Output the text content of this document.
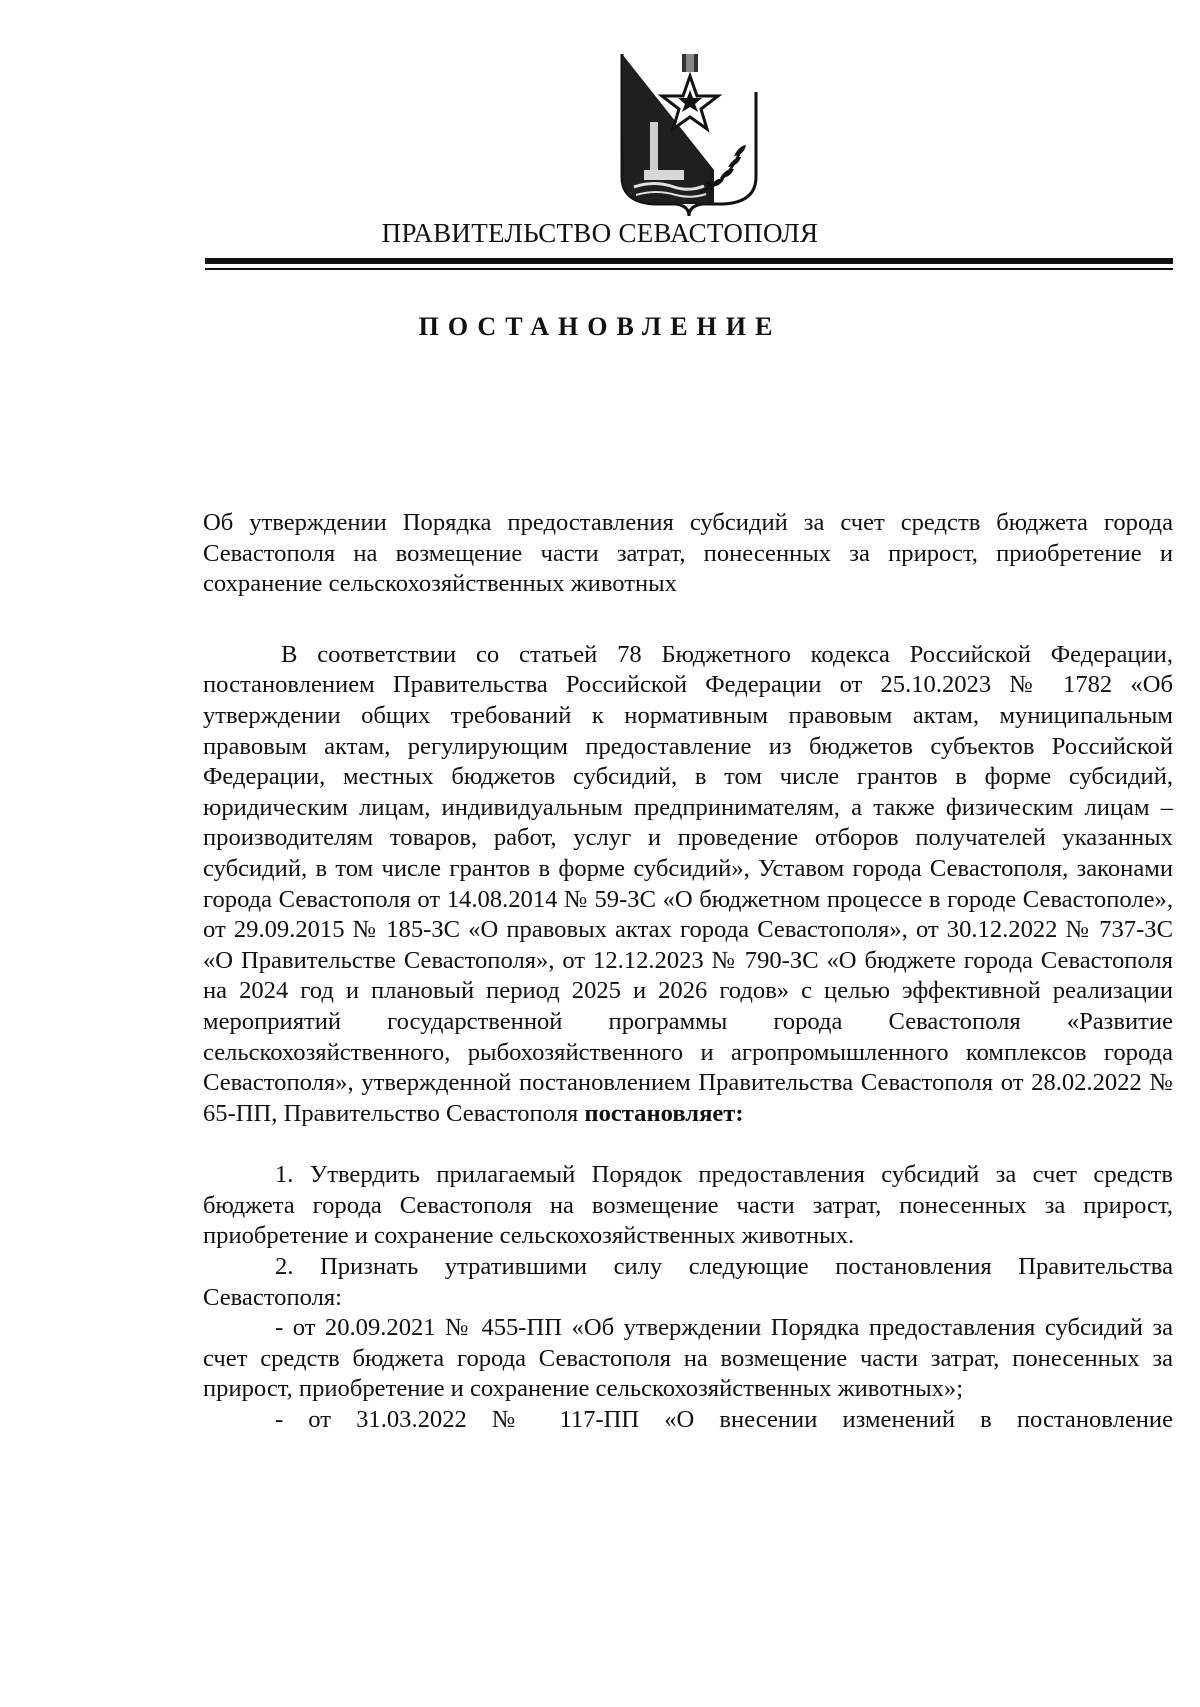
ПРАВИТЕЛЬСТВО СЕВАСТОПОЛЯ
ПОСТАНОВЛЕНИЕ

Об утверждении Порядка предоставления субсидий за счет средств бюджета города Севастополя на возмещение части затрат, понесенных за прирост, приобретение и сохранение сельскохозяйственных животных

В соответствии со статьей 78 Бюджетного кодекса Российской Федерации, постановлением Правительства Российской Федерации от 25.10.2023 № 1782 «Об утверждении общих требований к нормативным правовым актам, муниципальным правовым актам, регулирующим предоставление из бюджетов субъектов Российской Федерации, местных бюджетов субсидий, в том числе грантов в форме субсидий, юридическим лицам, индивидуальным предпринимателям, а также физическим лицам – производителям товаров, работ, услуг и проведение отборов получателей указанных субсидий, в том числе грантов в форме субсидий», Уставом города Севастополя, законами города Севастополя от 14.08.2014 № 59-ЗС «О бюджетном процессе в городе Севастополе», от 29.09.2015 № 185-ЗС «О правовых актах города Севастополя», от 30.12.2022 № 737-ЗС «О Правительстве Севастополя», от 12.12.2023 № 790-ЗС «О бюджете города Севастополя на 2024 год и плановый период 2025 и 2026 годов» с целью эффективной реализации мероприятий государственной программы города Севастополя «Развитие сельскохозяйственного, рыбохозяйственного и агропромышленного комплексов города Севастополя», утвержденной постановлением Правительства Севастополя от 28.02.2022 № 65-ПП, Правительство Севастополя постановляет:

1. Утвердить прилагаемый Порядок предоставления субсидий за счет средств бюджета города Севастополя на возмещение части затрат, понесенных за прирост, приобретение и сохранение сельскохозяйственных животных.

2. Признать утратившими силу следующие постановления Правительства Севастополя:

- от 20.09.2021 № 455-ПП «Об утверждении Порядка предоставления субсидий за счет средств бюджета города Севастополя на возмещение части затрат, понесенных за прирост, приобретение и сохранение сельскохозяйственных животных»;

- от 31.03.2022 № 117-ПП «О внесении изменений в постановление
